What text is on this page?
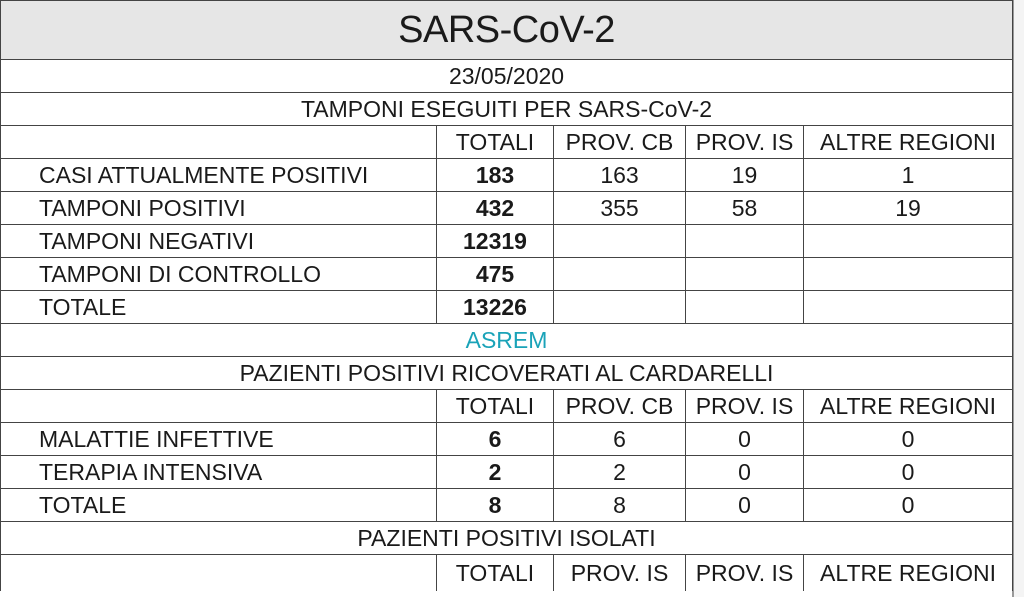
SARS-CoV-2				
23/05/2020				
TAMPONI ESEGUITI PER SARS-CoV-2				
	TOTALI	PROV. CB	PROV. IS	ALTRE REGIONI
CASI ATTUALMENTE POSITIVI	183	163	19	1
TAMPONI POSITIVI	432	355	58	19
TAMPONI NEGATIVI	12319			
TAMPONI DI CONTROLLO	475			
TOTALE	13226			
ASREM				
PAZIENTI POSITIVI RICOVERATI AL CARDARELLI				
	TOTALI	PROV. CB	PROV. IS	ALTRE REGIONI
MALATTIE INFETTIVE	6	6	0	0
TERAPIA INTENSIVA	2	2	0	0
TOTALE	8	8	0	0
PAZIENTI POSITIVI ISOLATI				
	TOTALI	PROV. IS	PROV. IS	ALTRE REGIONI
